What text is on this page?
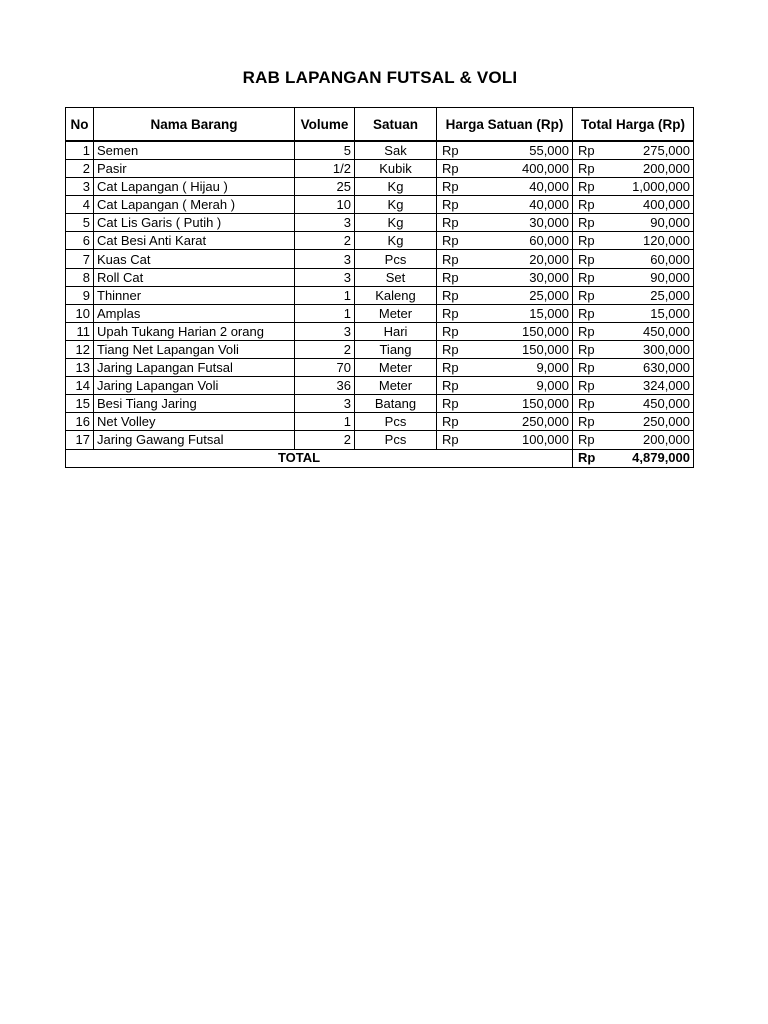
RAB LAPANGAN FUTSAL & VOLI
No	Nama Barang	Volume	Satuan	Harga Satuan (Rp)	Total Harga (Rp)
1	Semen	5	Sak	Rp 55,000	Rp 275,000

2	Pasir	1/2	Kubik	Rp 400,000	Rp 200,000

3	Cat Lapangan ( Hijau )	25	Kg	Rp 40,000	Rp 1,000,000

4	Cat Lapangan ( Merah )	10	Kg	Rp 40,000	Rp 400,000

5	Cat Lis Garis ( Putih )	3	Kg	Rp 30,000	Rp 90,000

6	Cat Besi Anti Karat	2	Kg	Rp 60,000	Rp 120,000

7	Kuas Cat	3	Pcs	Rp 20,000	Rp 60,000

8	Roll Cat	3	Set	Rp 30,000	Rp 90,000

9	Thinner	1	Kaleng	Rp 25,000	Rp 25,000

10	Amplas	1	Meter	Rp 15,000	Rp 15,000

11	Upah Tukang Harian 2 orang	3	Hari	Rp 150,000	Rp 450,000

12	Tiang Net Lapangan Voli	2	Tiang	Rp 150,000	Rp 300,000

13	Jaring Lapangan Futsal	70	Meter	Rp 9,000	Rp 630,000

14	Jaring Lapangan Voli	36	Meter	Rp 9,000	Rp 324,000

15	Besi Tiang Jaring	3	Batang	Rp 150,000	Rp 450,000

16	Net Volley	1	Pcs	Rp 250,000	Rp 250,000

17	Jaring Gawang Futsal	2	Pcs	Rp 100,000	Rp 200,000

TOTAL					Rp 4,879,000
